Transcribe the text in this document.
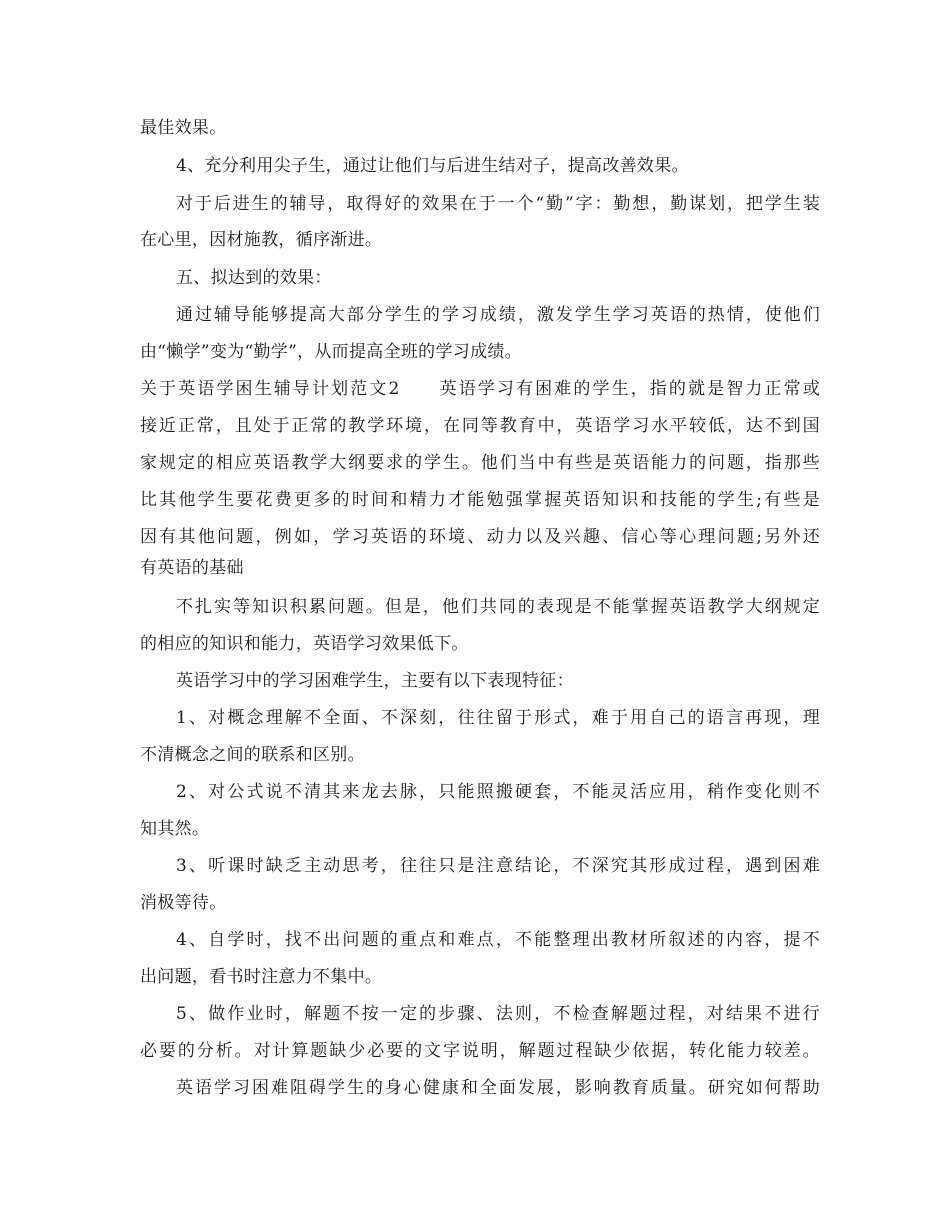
最佳效果。
4、充分利用尖子生，通过让他们与后进生结对子，提高改善效果。
对于后进生的辅导，取得好的效果在于一个“勤”字：勤想，勤谋划，把学生装
在心里，因材施教，循序渐进。
五、拟达到的效果：
通过辅导能够提高大部分学生的学习成绩，激发学生学习英语的热情，使他们
由“懒学”变为“勤学”，从而提高全班的学习成绩。
关于英语学困生辅导计划范文2　　英语学习有困难的学生，指的就是智力正常或
接近正常，且处于正常的教学环境，在同等教育中，英语学习水平较低，达不到国
家规定的相应英语教学大纲要求的学生。他们当中有些是英语能力的问题，指那些
比其他学生要花费更多的时间和精力才能勉强掌握英语知识和技能的学生;有些是
因有其他问题，例如，学习英语的环境、动力以及兴趣、信心等心理问题;另外还
有英语的基础
不扎实等知识积累问题。但是，他们共同的表现是不能掌握英语教学大纲规定
的相应的知识和能力，英语学习效果低下。
英语学习中的学习困难学生，主要有以下表现特征：
1、对概念理解不全面、不深刻，往往留于形式，难于用自己的语言再现，理
不清概念之间的联系和区别。
2、对公式说不清其来龙去脉，只能照搬硬套，不能灵活应用，稍作变化则不
知其然。
3、听课时缺乏主动思考，往往只是注意结论，不深究其形成过程，遇到困难
消极等待。
4、自学时，找不出问题的重点和难点，不能整理出教材所叙述的内容，提不
出问题，看书时注意力不集中。
5、做作业时，解题不按一定的步骤、法则，不检查解题过程，对结果不进行
必要的分析。对计算题缺少必要的文字说明，解题过程缺少依据，转化能力较差。
英语学习困难阻碍学生的身心健康和全面发展，影响教育质量。研究如何帮助
